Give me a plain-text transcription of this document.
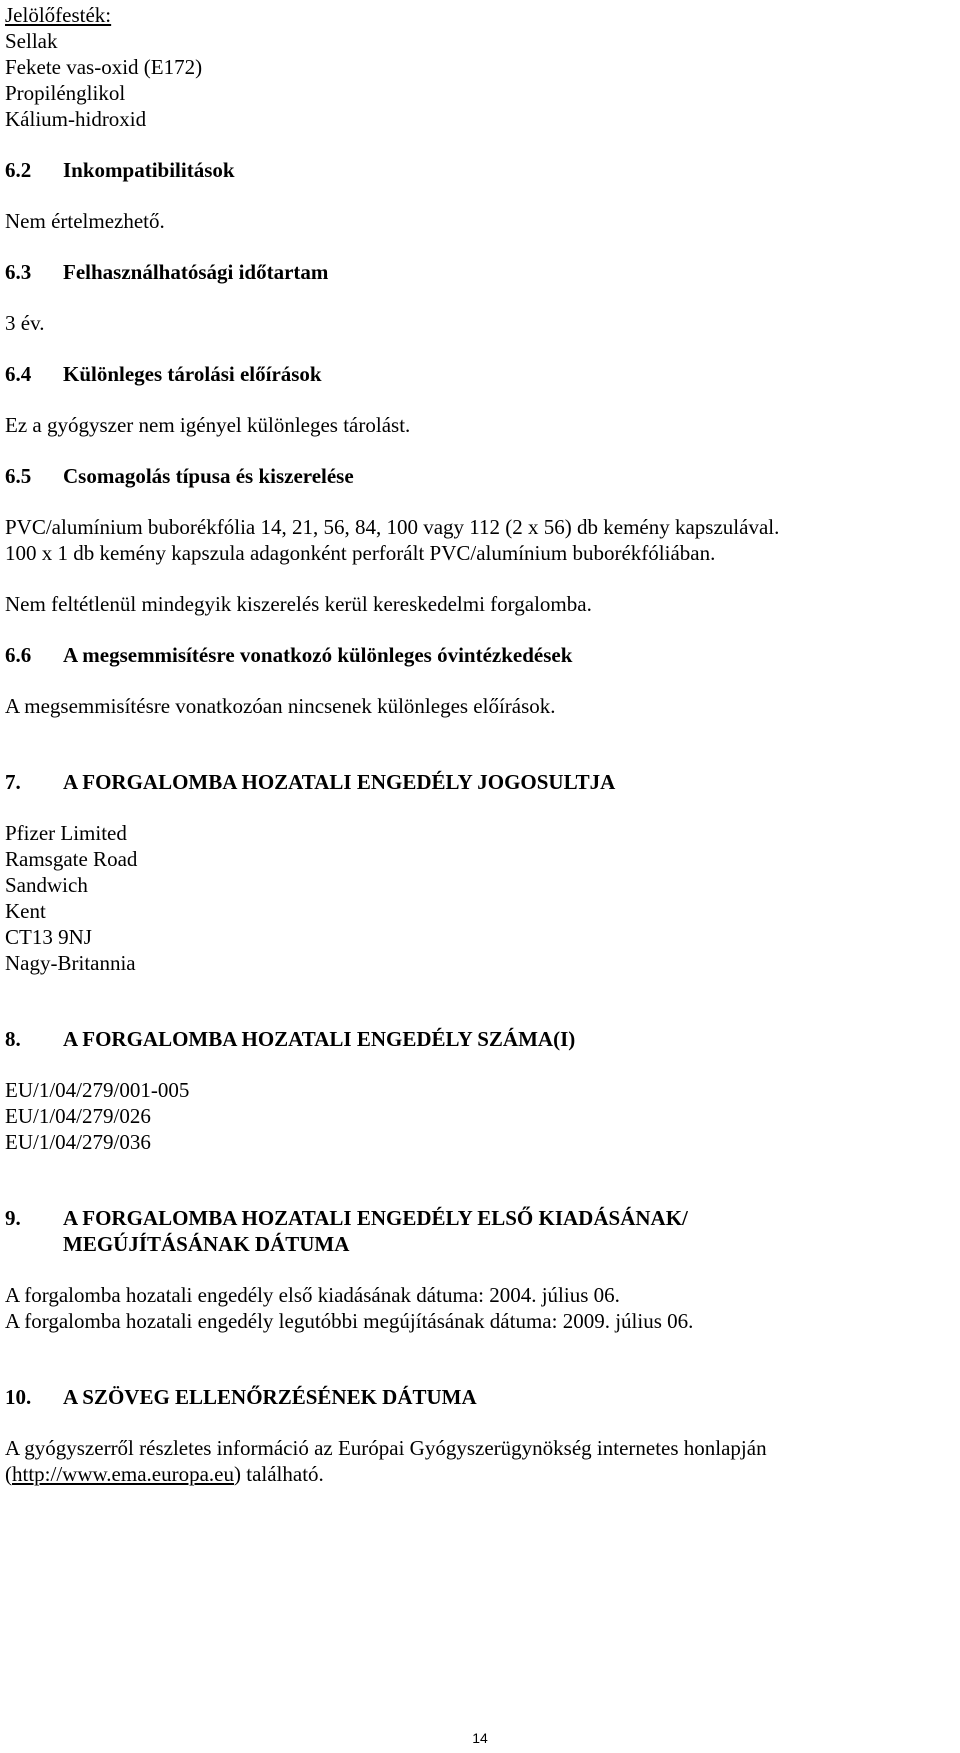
Jelölőfesték:
Sellak
Fekete vas-oxid (E172)
Propilénglikol
Kálium-hidroxid
6.2 Inkompatibilitások
Nem értelmezhető.
6.3 Felhasználhatósági időtartam
3 év.
6.4 Különleges tárolási előírások
Ez a gyógyszer nem igényel különleges tárolást.
6.5 Csomagolás típusa és kiszerelése
PVC/alumínium buborékfólia 14, 21, 56, 84, 100 vagy 112 (2 x 56) db kemény kapszulával.
100 x 1 db kemény kapszula adagonként perforált PVC/alumínium buborékfóliában.
Nem feltétlenül mindegyik kiszerelés kerül kereskedelmi forgalomba.
6.6 A megsemmisítésre vonatkozó különleges óvintézkedések
A megsemmisítésre vonatkozóan nincsenek különleges előírások.
7. A FORGALOMBA HOZATALI ENGEDÉLY JOGOSULTJA
Pfizer Limited
Ramsgate Road
Sandwich
Kent
CT13 9NJ
Nagy-Britannia
8. A FORGALOMBA HOZATALI ENGEDÉLY SZÁMA(I)
EU/1/04/279/001-005
EU/1/04/279/026
EU/1/04/279/036
9. A FORGALOMBA HOZATALI ENGEDÉLY ELSŐ KIADÁSÁNAK/
MEGÚJÍTÁSÁNAK DÁTUMA
A forgalomba hozatali engedély első kiadásának dátuma: 2004. július 06.
A forgalomba hozatali engedély legutóbbi megújításának dátuma: 2009. július 06.
10. A SZÖVEG ELLENŐRZÉSÉNEK DÁTUMA
A gyógyszerről részletes információ az Európai Gyógyszerügynökség internetes honlapján
(http://www.ema.europa.eu) található.
14
